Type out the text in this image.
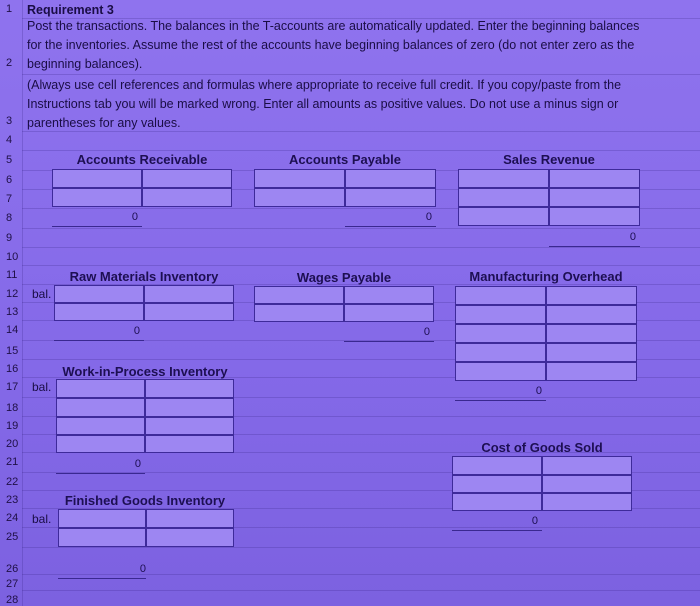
1
2
3
4
5
6
7
8
9
10
11
12
13
14
15
16
17
18
19
20
21
22
23
24
25
26
27
28
Requirement 3
Post the transactions. The balances in the T-accounts are automatically updated. Enter the beginning balances
for the inventories. Assume the rest of the accounts have beginning balances of zero (do not enter zero as the
beginning balances).
(Always use cell references and formulas where appropriate to receive full credit. If you copy/paste from the
Instructions tab you will be marked wrong. Enter all amounts as positive values. Do not use a minus sign or
parentheses for any values.
Accounts Receivable
0
Accounts Payable
0
Sales Revenue
0
Raw Materials Inventory
bal.
0
Wages Payable
0
Manufacturing Overhead
0
Work-in-Process Inventory
bal.
0
Cost of Goods Sold
0
Finished Goods Inventory
bal.
0
